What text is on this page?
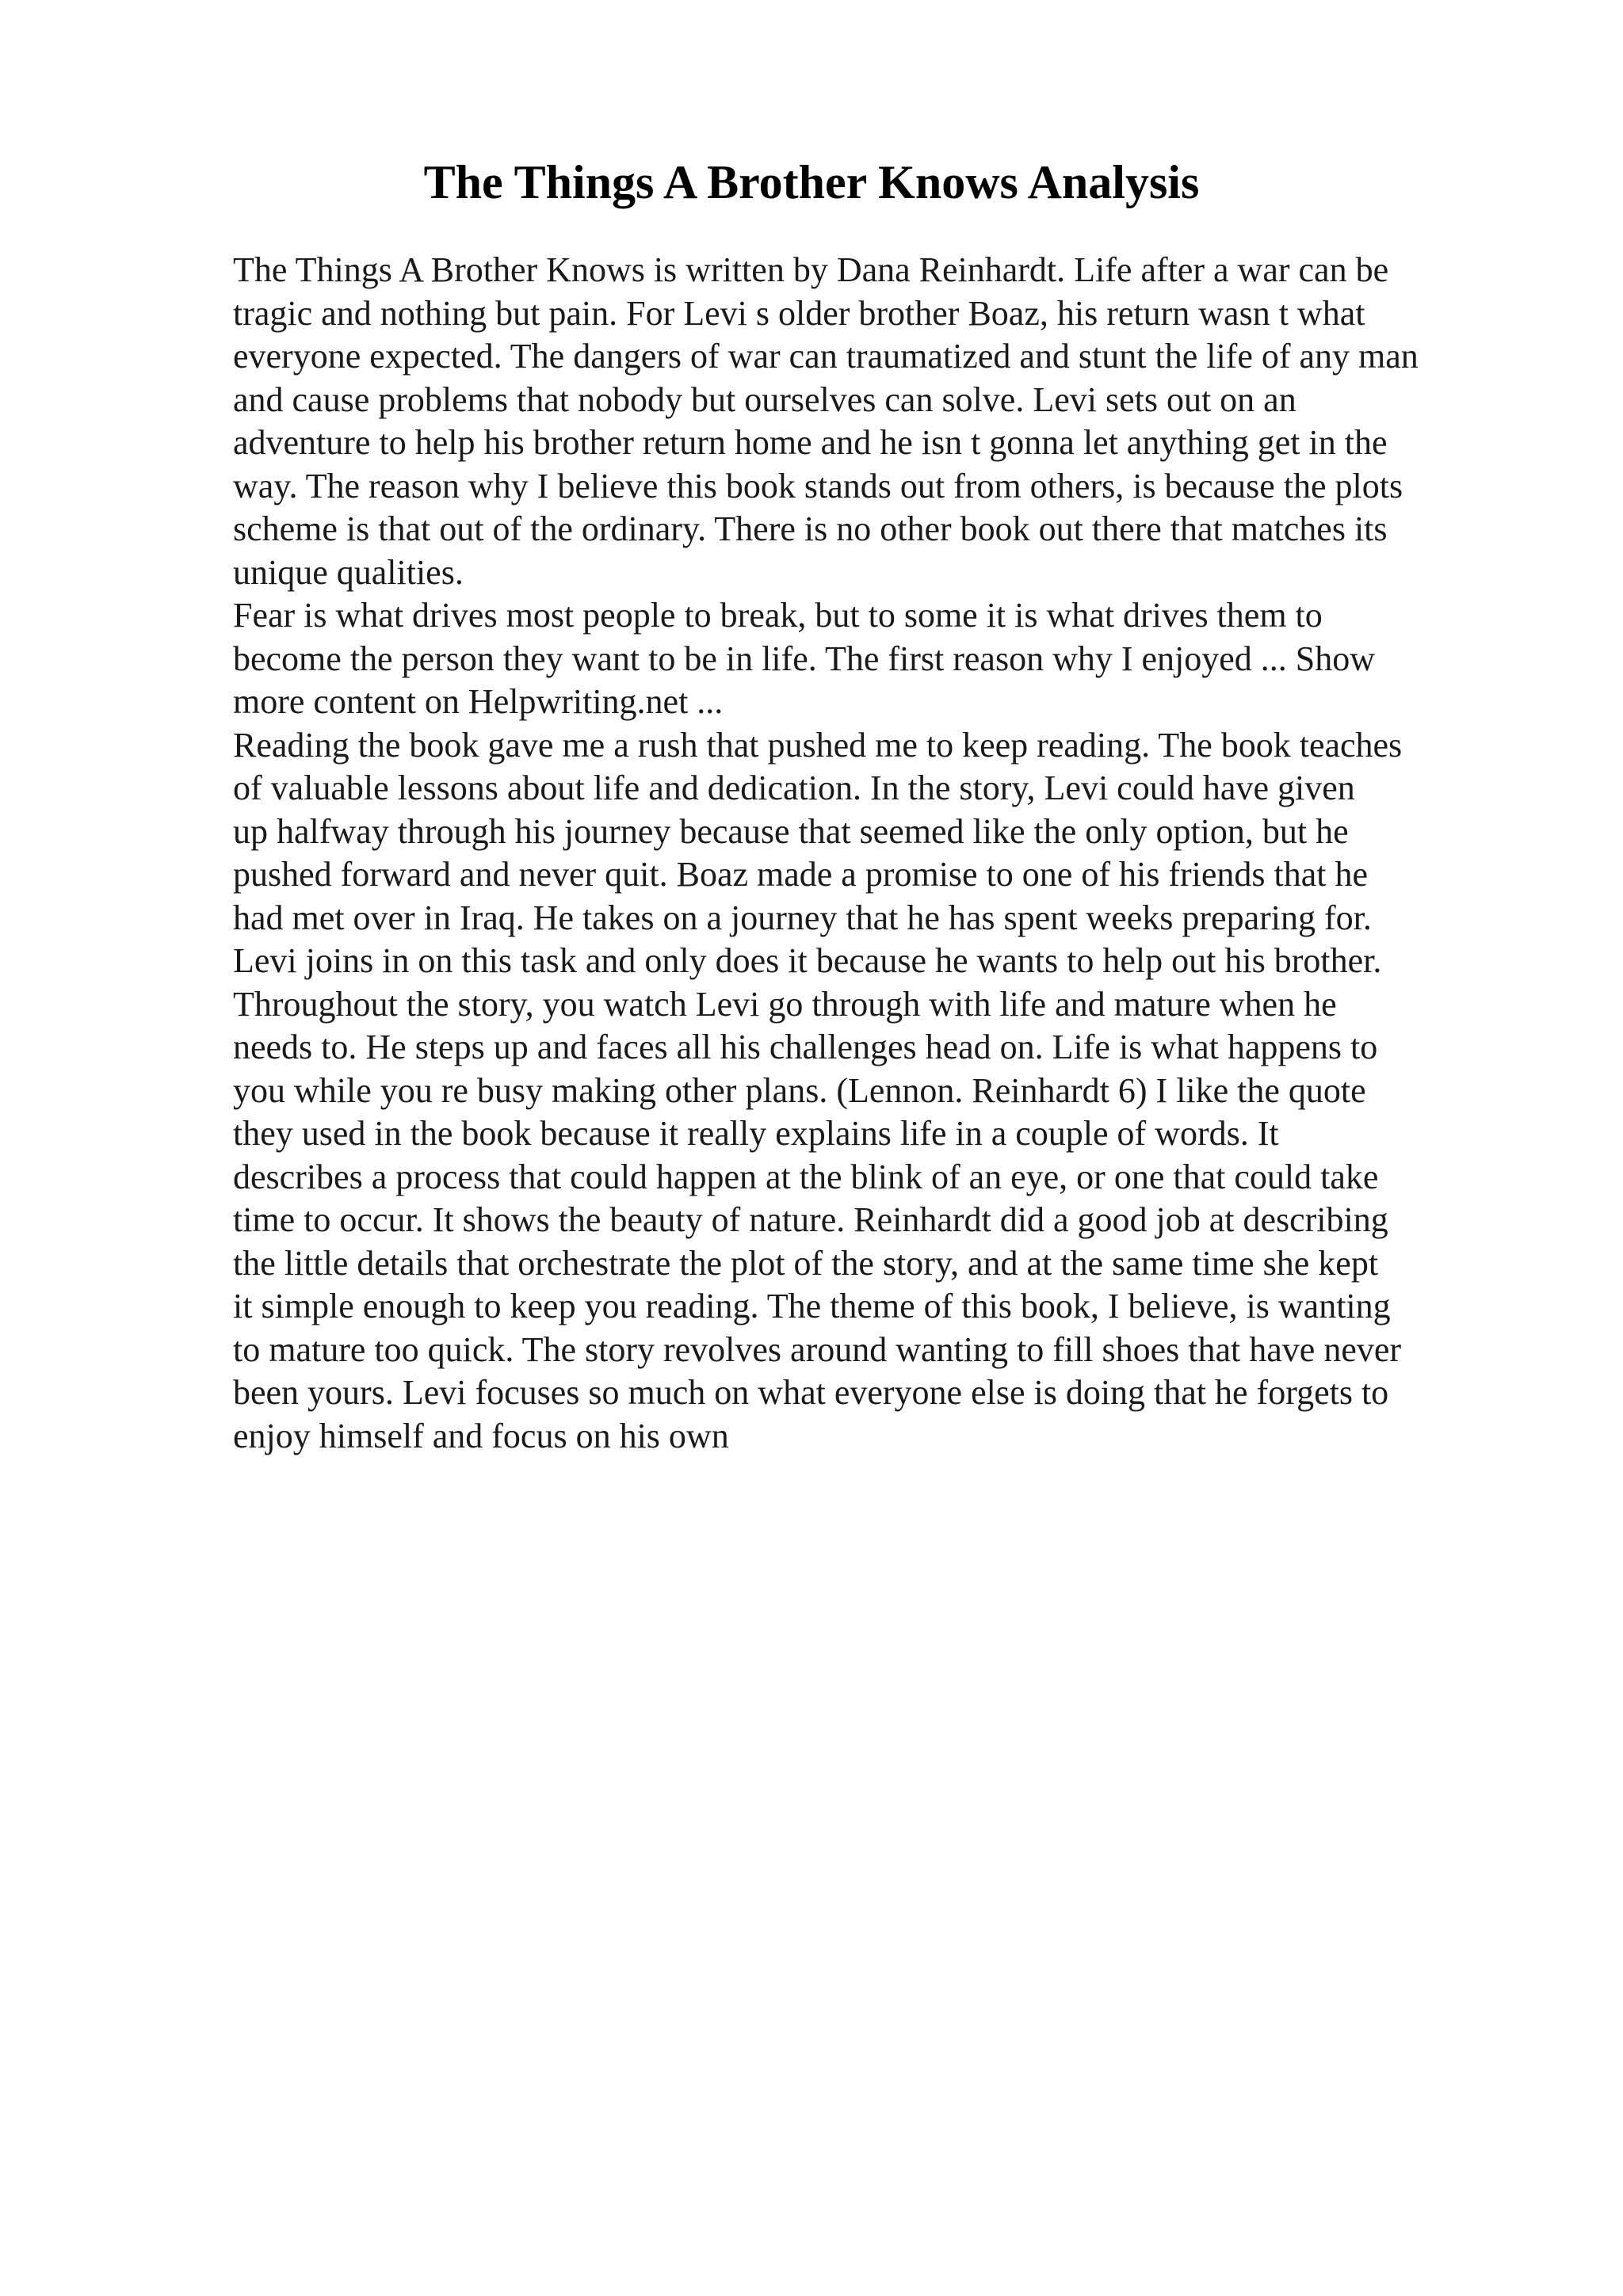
The Things A Brother Knows Analysis
The Things A Brother Knows is written by Dana Reinhardt. Life after a war can be
tragic and nothing but pain. For Levi s older brother Boaz, his return wasn t what
everyone expected. The dangers of war can traumatized and stunt the life of any man
and cause problems that nobody but ourselves can solve. Levi sets out on an
adventure to help his brother return home and he isn t gonna let anything get in the
way. The reason why I believe this book stands out from others, is because the plots
scheme is that out of the ordinary. There is no other book out there that matches its
unique qualities.
Fear is what drives most people to break, but to some it is what drives them to
become the person they want to be in life. The first reason why I enjoyed ... Show
more content on Helpwriting.net ...
Reading the book gave me a rush that pushed me to keep reading. The book teaches
of valuable lessons about life and dedication. In the story, Levi could have given
up halfway through his journey because that seemed like the only option, but he
pushed forward and never quit. Boaz made a promise to one of his friends that he
had met over in Iraq. He takes on a journey that he has spent weeks preparing for.
Levi joins in on this task and only does it because he wants to help out his brother.
Throughout the story, you watch Levi go through with life and mature when he
needs to. He steps up and faces all his challenges head on. Life is what happens to
you while you re busy making other plans. (Lennon. Reinhardt 6) I like the quote
they used in the book because it really explains life in a couple of words. It
describes a process that could happen at the blink of an eye, or one that could take
time to occur. It shows the beauty of nature. Reinhardt did a good job at describing
the little details that orchestrate the plot of the story, and at the same time she kept
it simple enough to keep you reading. The theme of this book, I believe, is wanting
to mature too quick. The story revolves around wanting to fill shoes that have never
been yours. Levi focuses so much on what everyone else is doing that he forgets to
enjoy himself and focus on his own
